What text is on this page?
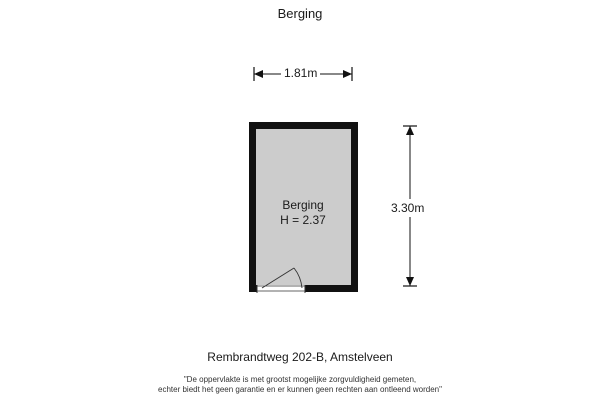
Berging
Berging
H = 2.37
1.81m
3.30m
Rembrandtweg 202-B, Amstelveen
"De oppervlakte is met grootst mogelijke zorgvuldigheid gemeten,
echter biedt het geen garantie en er kunnen geen rechten aan ontleend worden"
